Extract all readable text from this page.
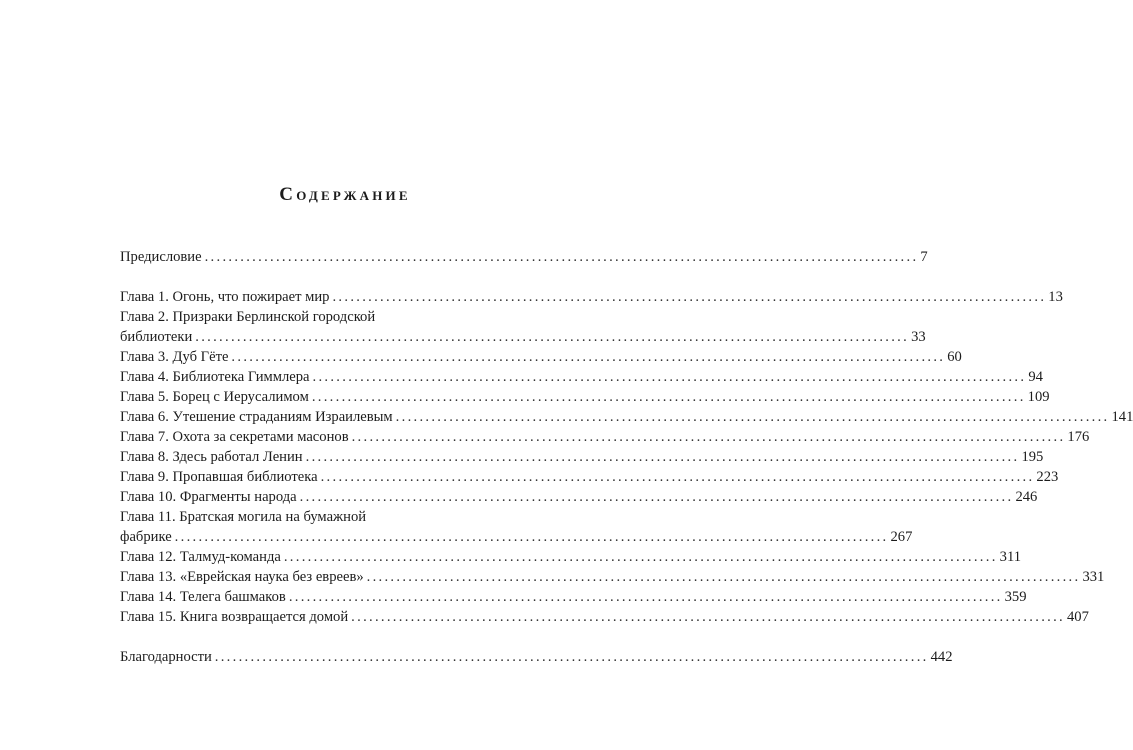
Содержание
Предисловие ........................................................................................................................ 7
Глава 1. Огонь, что пожирает мир ........................................................................................................................ 13
Глава 2. Призраки Берлинской городской
библиотеки ........................................................................................................................ 33
Глава 3. Дуб Гёте ........................................................................................................................ 60
Глава 4. Библиотека Гиммлера ........................................................................................................................ 94
Глава 5. Борец с Иерусалимом ........................................................................................................................ 109
Глава 6. Утешение страданиям Израилевым ........................................................................................................................ 141
Глава 7. Охота за секретами масонов ........................................................................................................................ 176
Глава 8. Здесь работал Ленин ........................................................................................................................ 195
Глава 9. Пропавшая библиотека ........................................................................................................................ 223
Глава 10. Фрагменты народа ........................................................................................................................ 246
Глава 11. Братская могила на бумажной
фабрике ........................................................................................................................ 267
Глава 12. Талмуд-команда ........................................................................................................................ 311
Глава 13. «Еврейская наука без евреев» ........................................................................................................................ 331
Глава 14. Телега башмаков ........................................................................................................................ 359
Глава 15. Книга возвращается домой ........................................................................................................................ 407
Благодарности ........................................................................................................................ 442
